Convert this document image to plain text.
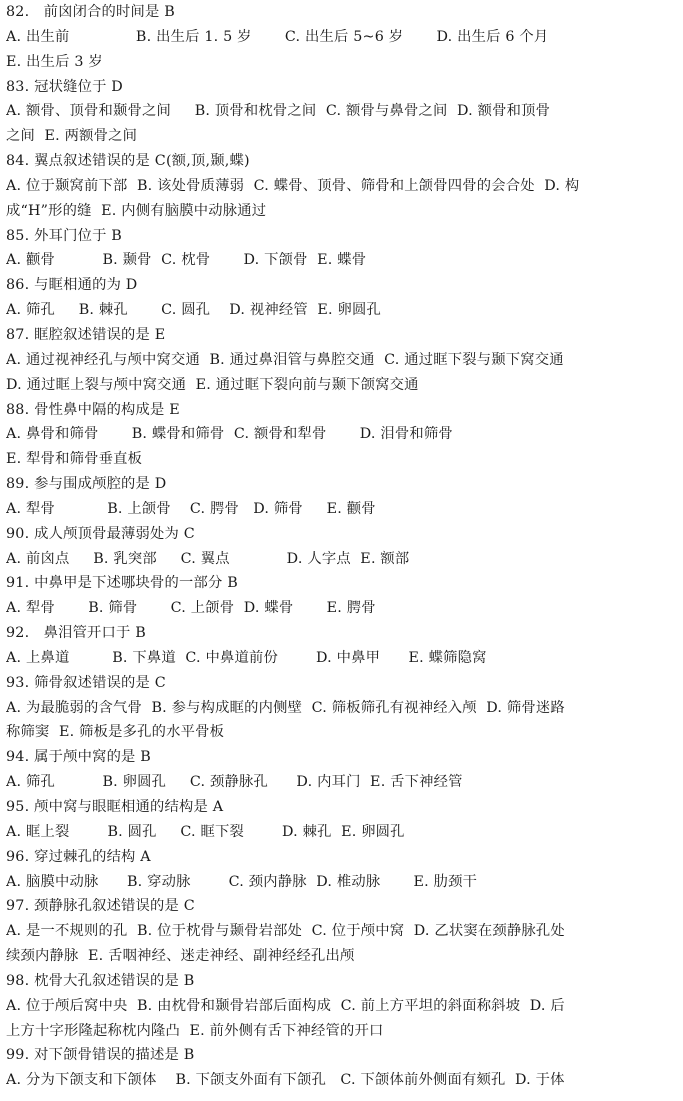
82.   前囟闭合的时间是 B
A. 出生前              B. 出生后 1. 5 岁       C. 出生后 5~6 岁       D. 出生后 6 个月
E. 出生后 3 岁
83. 冠状缝位于 D
A. 额骨、顶骨和颞骨之间     B. 顶骨和枕骨之间  C. 额骨与鼻骨之间  D. 额骨和顶骨
之间  E. 两额骨之间
84. 翼点叙述错误的是 C(额,顶,颞,蝶)
A. 位于颞窝前下部  B. 该处骨质薄弱  C. 蝶骨、顶骨、筛骨和上颌骨四骨的会合处  D. 构
成“H”形的缝  E. 内侧有脑膜中动脉通过
85. 外耳门位于 B
A. 颧骨          B. 颞骨  C. 枕骨       D. 下颌骨  E. 蝶骨
86. 与眶相通的为 D
A. 筛孔     B. 棘孔       C. 圆孔    D. 视神经管  E. 卵圆孔
87. 眶腔叙述错误的是 E
A. 通过视神经孔与颅中窝交通  B. 通过鼻泪管与鼻腔交通  C. 通过眶下裂与颞下窝交通
D. 通过眶上裂与颅中窝交通  E. 通过眶下裂向前与颞下颌窝交通
88. 骨性鼻中隔的构成是 E
A. 鼻骨和筛骨       B. 蝶骨和筛骨  C. 额骨和犁骨       D. 泪骨和筛骨
E. 犁骨和筛骨垂直板
89. 参与围成颅腔的是 D
A. 犁骨           B. 上颌骨    C. 腭骨   D. 筛骨     E. 颧骨
90. 成人颅顶骨最薄弱处为 C
A. 前囟点     B. 乳突部     C. 翼点            D. 人字点  E. 额部
91. 中鼻甲是下述哪块骨的一部分 B
A. 犁骨       B. 筛骨       C. 上颌骨  D. 蝶骨       E. 腭骨
92.   鼻泪管开口于 B
A. 上鼻道         B. 下鼻道  C. 中鼻道前份        D. 中鼻甲      E. 蝶筛隐窝
93. 筛骨叙述错误的是 C
A. 为最脆弱的含气骨  B. 参与构成眶的内侧壁  C. 筛板筛孔有视神经入颅  D. 筛骨迷路
称筛窦  E. 筛板是多孔的水平骨板
94. 属于颅中窝的是 B
A. 筛孔          B. 卵圆孔     C. 颈静脉孔      D. 内耳门  E. 舌下神经管
95. 颅中窝与眼眶相通的结构是 A
A. 眶上裂        B. 圆孔     C. 眶下裂        D. 棘孔  E. 卵圆孔
96. 穿过棘孔的结构 A
A. 脑膜中动脉      B. 穿动脉        C. 颈内静脉  D. 椎动脉       E. 肋颈干
97. 颈静脉孔叙述错误的是 C
A. 是一不规则的孔  B. 位于枕骨与颞骨岩部处  C. 位于颅中窝  D. 乙状窦在颈静脉孔处
续颈内静脉  E. 舌咽神经、迷走神经、副神经经孔出颅
98. 枕骨大孔叙述错误的是 B
A. 位于颅后窝中央  B. 由枕骨和颞骨岩部后面构成  C. 前上方平坦的斜面称斜坡  D. 后
上方十字形隆起称枕内隆凸  E. 前外侧有舌下神经管的开口
99. 对下颌骨错误的描述是 B
A. 分为下颌支和下颌体    B. 下颌支外面有下颌孔   C. 下颌体前外侧面有颏孔  D. 于体
